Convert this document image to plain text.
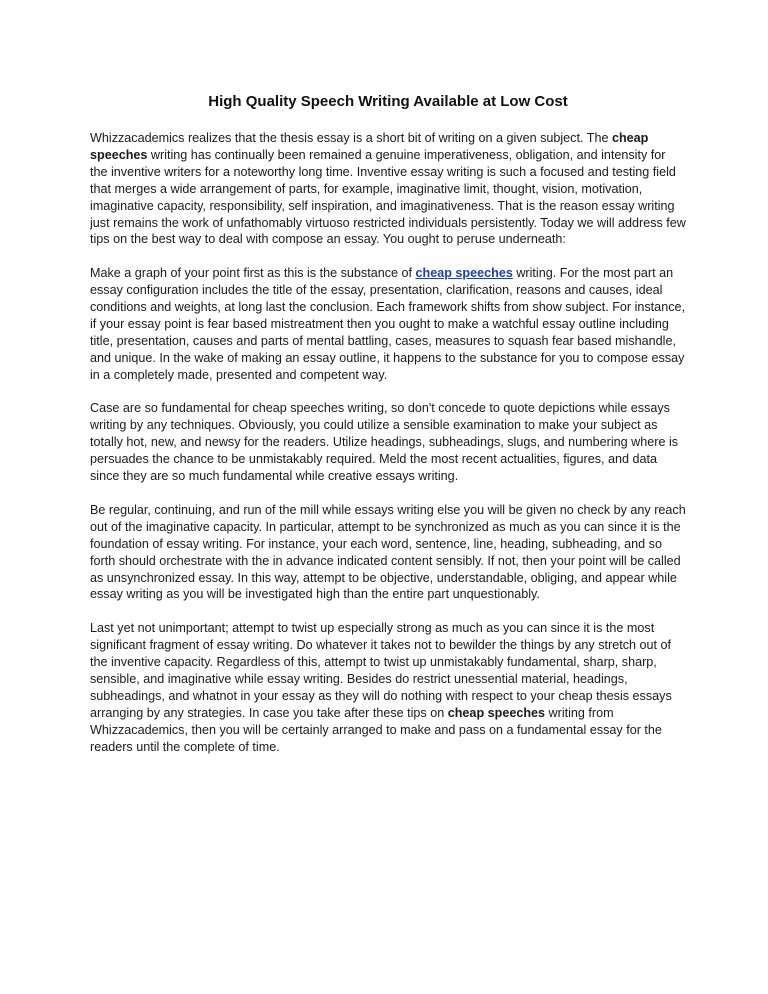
High Quality Speech Writing Available at Low Cost

Whizzacademics realizes that the thesis essay is a short bit of writing on a given subject. The cheap speeches writing has continually been remained a genuine imperativeness, obligation, and intensity for the inventive writers for a noteworthy long time. Inventive essay writing is such a focused and testing field that merges a wide arrangement of parts, for example, imaginative limit, thought, vision, motivation, imaginative capacity, responsibility, self inspiration, and imaginativeness. That is the reason essay writing just remains the work of unfathomably virtuoso restricted individuals persistently. Today we will address few tips on the best way to deal with compose an essay. You ought to peruse underneath:

Make a graph of your point first as this is the substance of cheap speeches writing. For the most part an essay configuration includes the title of the essay, presentation, clarification, reasons and causes, ideal conditions and weights, at long last the conclusion. Each framework shifts from show subject. For instance, if your essay point is fear based mistreatment then you ought to make a watchful essay outline including title, presentation, causes and parts of mental battling, cases, measures to squash fear based mishandle, and unique. In the wake of making an essay outline, it happens to the substance for you to compose essay in a completely made, presented and competent way.

Case are so fundamental for cheap speeches writing, so don't concede to quote depictions while essays writing by any techniques. Obviously, you could utilize a sensible examination to make your subject as totally hot, new, and newsy for the readers. Utilize headings, subheadings, slugs, and numbering where is persuades the chance to be unmistakably required. Meld the most recent actualities, figures, and data since they are so much fundamental while creative essays writing.

Be regular, continuing, and run of the mill while essays writing else you will be given no check by any reach out of the imaginative capacity. In particular, attempt to be synchronized as much as you can since it is the foundation of essay writing. For instance, your each word, sentence, line, heading, subheading, and so forth should orchestrate with the in advance indicated content sensibly. If not, then your point will be called as unsynchronized essay. In this way, attempt to be objective, understandable, obliging, and appear while essay writing as you will be investigated high than the entire part unquestionably.

Last yet not unimportant; attempt to twist up especially strong as much as you can since it is the most significant fragment of essay writing. Do whatever it takes not to bewilder the things by any stretch out of the inventive capacity. Regardless of this, attempt to twist up unmistakably fundamental, sharp, sharp, sensible, and imaginative while essay writing. Besides do restrict unessential material, headings, subheadings, and whatnot in your essay as they will do nothing with respect to your cheap thesis essays arranging by any strategies. In case you take after these tips on cheap speeches writing from Whizzacademics, then you will be certainly arranged to make and pass on a fundamental essay for the readers until the complete of time.
